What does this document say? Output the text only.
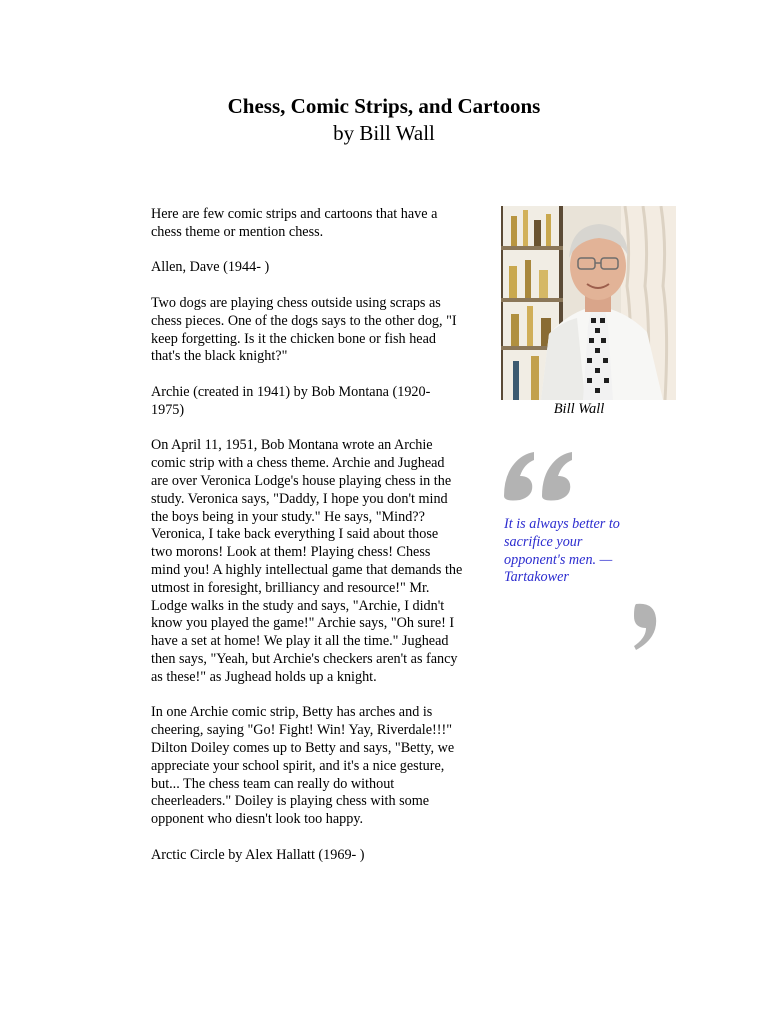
Chess, Comic Strips, and Cartoons
by Bill Wall

Here are few comic strips and cartoons that have a chess theme or mention chess.

Allen, Dave (1944- )

Two dogs are playing chess outside using scraps as chess pieces. One of the dogs says to the other dog, "I keep forgetting. Is it the chicken bone or fish head that's the black knight?"

Archie (created in 1941) by Bob Montana (1920-1975)

On April 11, 1951, Bob Montana wrote an Archie comic strip with a chess theme. Archie and Jughead are over Veronica Lodge's house playing chess in the study. Veronica says, "Daddy, I hope you don't mind the boys being in your study." He says, "Mind?? Veronica, I take back everything I said about those two morons! Look at them! Playing chess! Chess mind you! A highly intellectual game that demands the utmost in foresight, brilliancy and resource!" Mr. Lodge walks in the study and says, "Archie, I didn't know you played the game!" Archie says, "Oh sure! I have a set at home! We play it all the time." Jughead then says, "Yeah, but Archie's checkers aren't as fancy as these!" as Jughead holds up a knight.

In one Archie comic strip, Betty has arches and is cheering, saying "Go! Fight! Win! Yay, Riverdale!!!" Dilton Doiley comes up to Betty and says, "Betty, we appreciate your school spirit, and it's a nice gesture, but... The chess team can really do without cheerleaders." Doiley is playing chess with some opponent who diesn't look too happy.

Arctic Circle by Alex Hallatt (1969- )

Bill Wall
It is always better to sacrifice your opponent's men. — Tartakower
